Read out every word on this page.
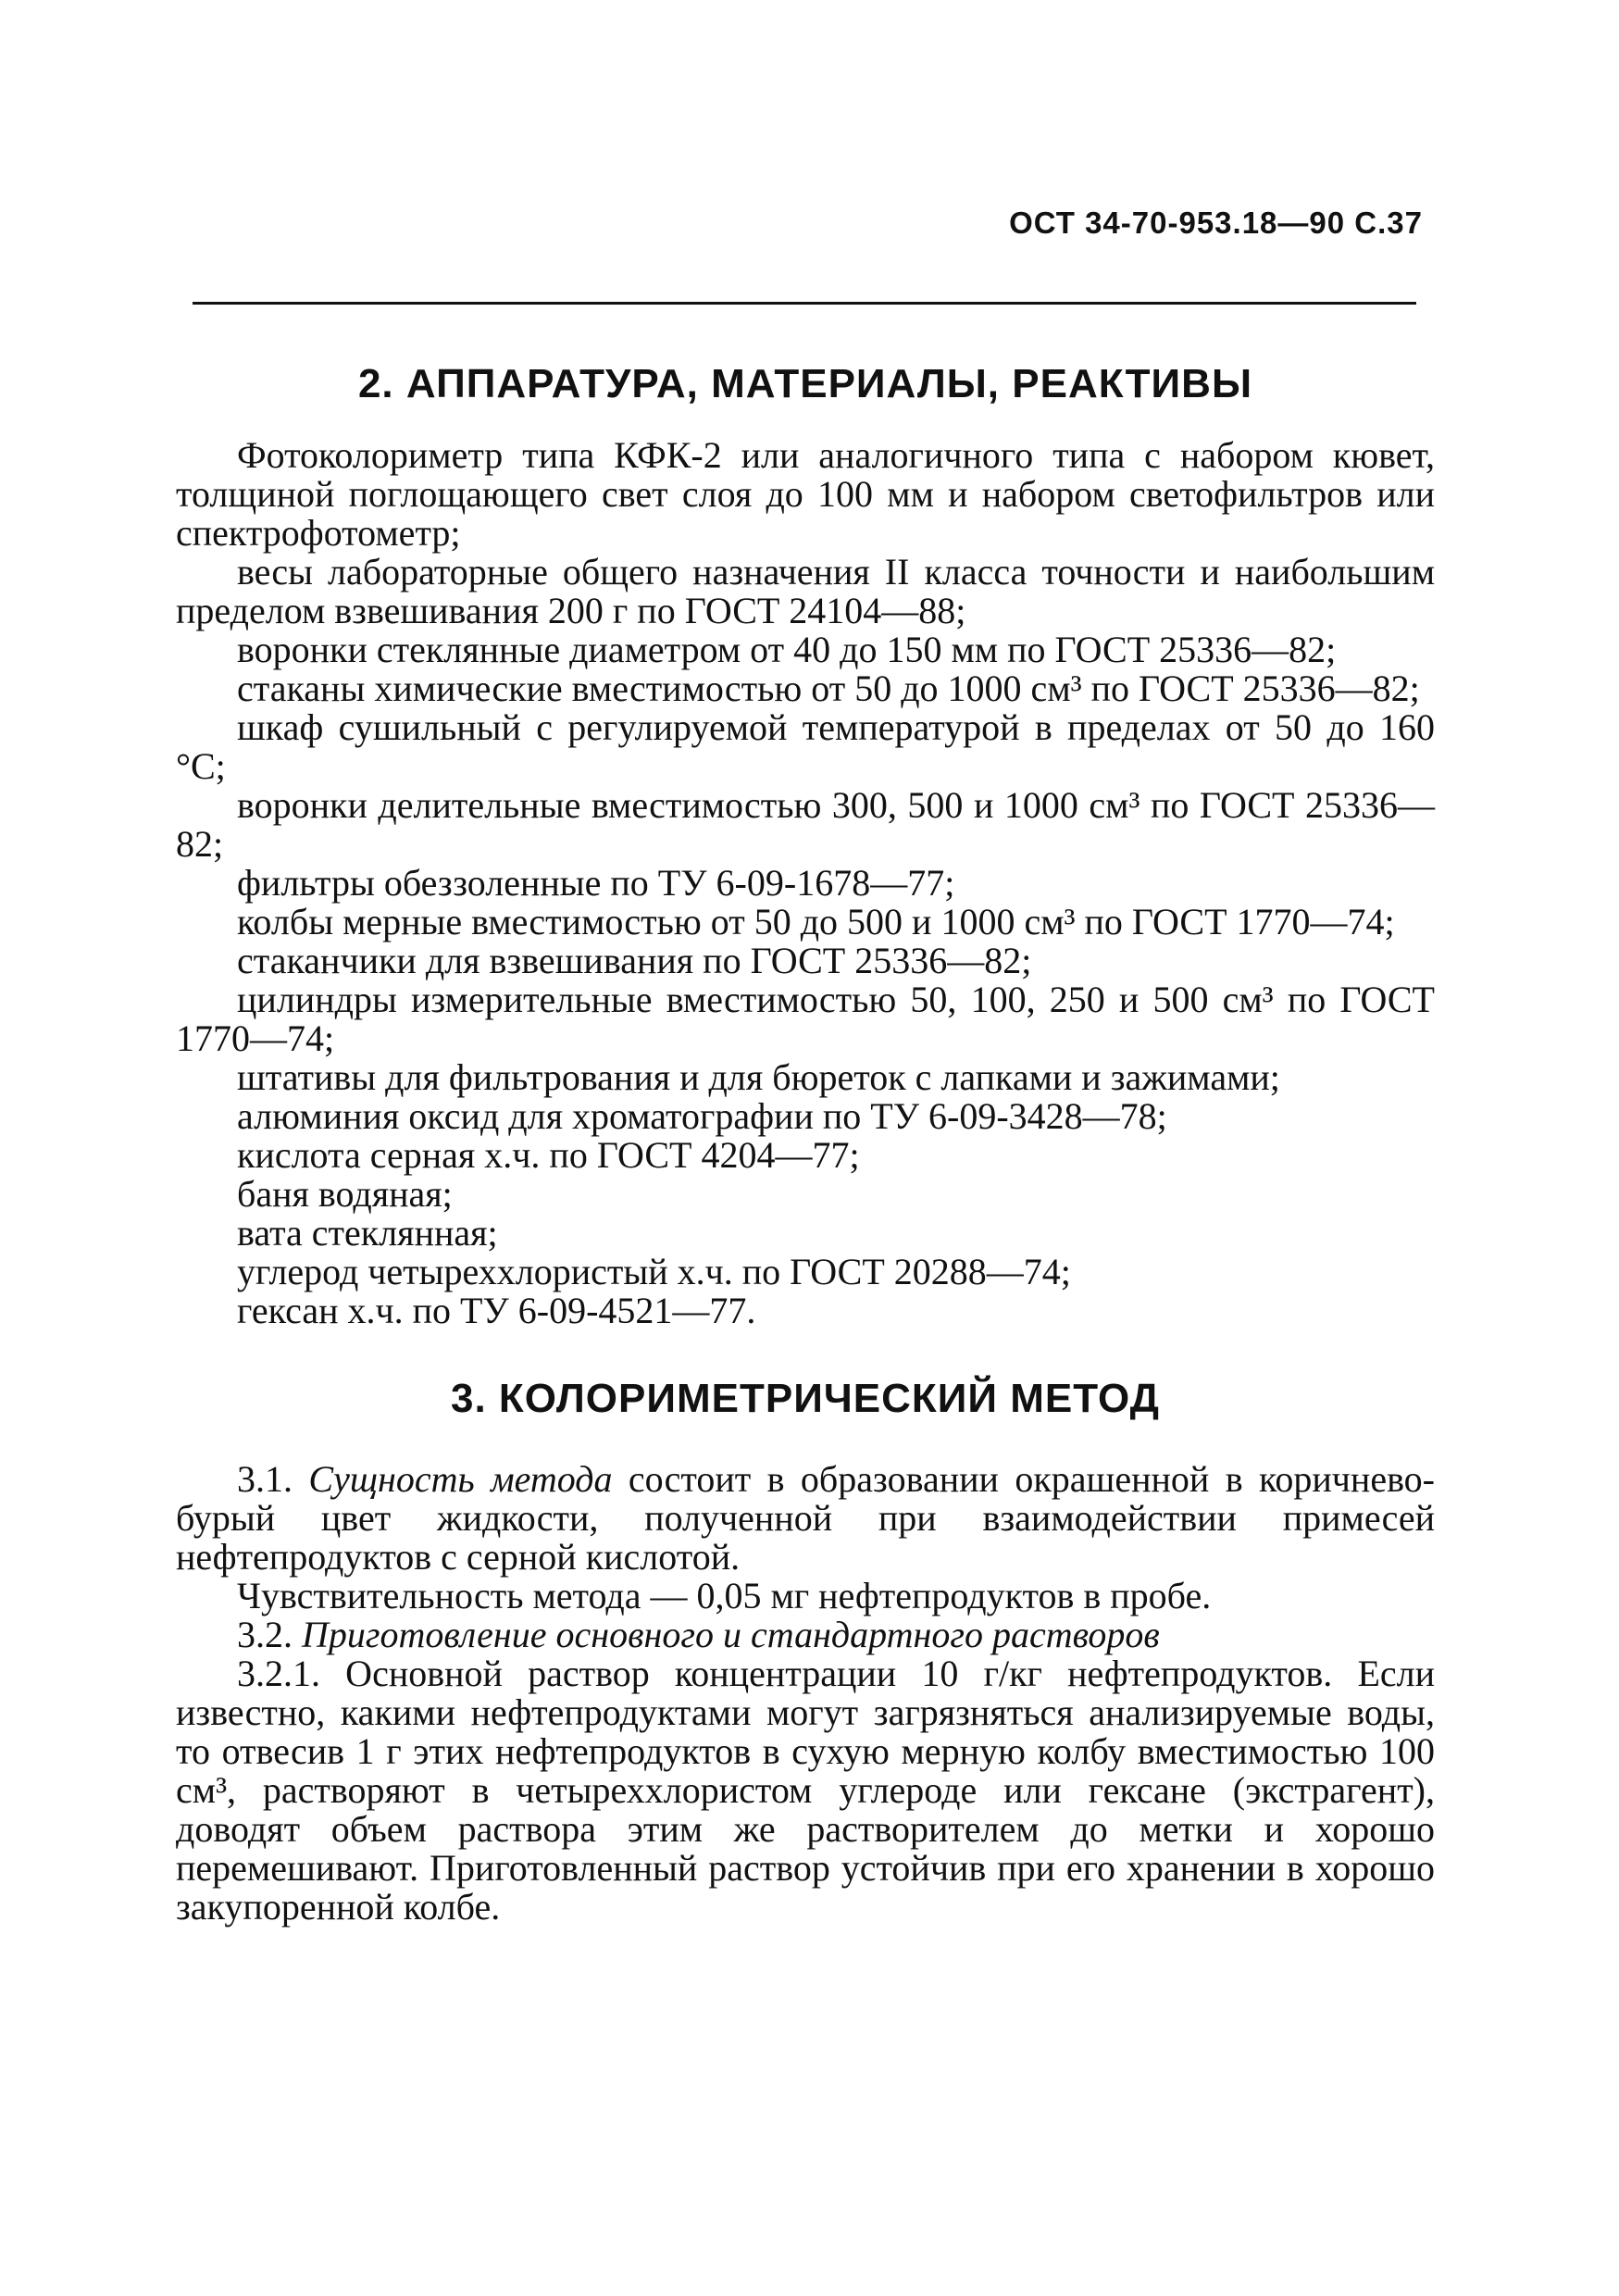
ОСТ 34-70-953.18—90 С.37
2. АППАРАТУРА, МАТЕРИАЛЫ, РЕАКТИВЫ

Фотоколориметр типа КФК-2 или аналогичного типа с набором кювет, толщиной поглощающего свет слоя до 100 мм и набором светофильтров или спектрофотометр;

весы лабораторные общего назначения II класса точности и наибольшим пределом взвешивания 200 г по ГОСТ 24104—88;

воронки стеклянные диаметром от 40 до 150 мм по ГОСТ 25336—82;

стаканы химические вместимостью от 50 до 1000 см³ по ГОСТ 25336—82;

шкаф сушильный с регулируемой температурой в пределах от 50 до 160 °С;

воронки делительные вместимостью 300, 500 и 1000 см³ по ГОСТ 25336—82;

фильтры обеззоленные по ТУ 6-09-1678—77;

колбы мерные вместимостью от 50 до 500 и 1000 см³ по ГОСТ 1770—74;

стаканчики для взвешивания по ГОСТ 25336—82;

цилиндры измерительные вместимостью 50, 100, 250 и 500 см³ по ГОСТ 1770—74;

штативы для фильтрования и для бюреток с лапками и зажимами;

алюминия оксид для хроматографии по ТУ 6-09-3428—78;

кислота серная х.ч. по ГОСТ 4204—77;

баня водяная;

вата стеклянная;

углерод четыреххлористый х.ч. по ГОСТ 20288—74;

гексан х.ч. по ТУ 6-09-4521—77.

3. КОЛОРИМЕТРИЧЕСКИЙ МЕТОД

3.1. Сущность метода состоит в образовании окрашенной в коричнево-бурый цвет жидкости, полученной при взаимодействии примесей нефтепродуктов с серной кислотой.

Чувствительность метода — 0,05 мг нефтепродуктов в пробе.

3.2. Приготовление основного и стандартного растворов

3.2.1. Основной раствор концентрации 10 г/кг нефтепродуктов. Если известно, какими нефтепродуктами могут загрязняться анализируемые воды, то отвесив 1 г этих нефтепродуктов в сухую мерную колбу вместимостью 100 см³, растворяют в четыреххлористом углероде или гексане (экстрагент), доводят объем раствора этим же растворителем до метки и хорошо перемешивают. Приготовленный раствор устойчив при его хранении в хорошо закупоренной колбе.
